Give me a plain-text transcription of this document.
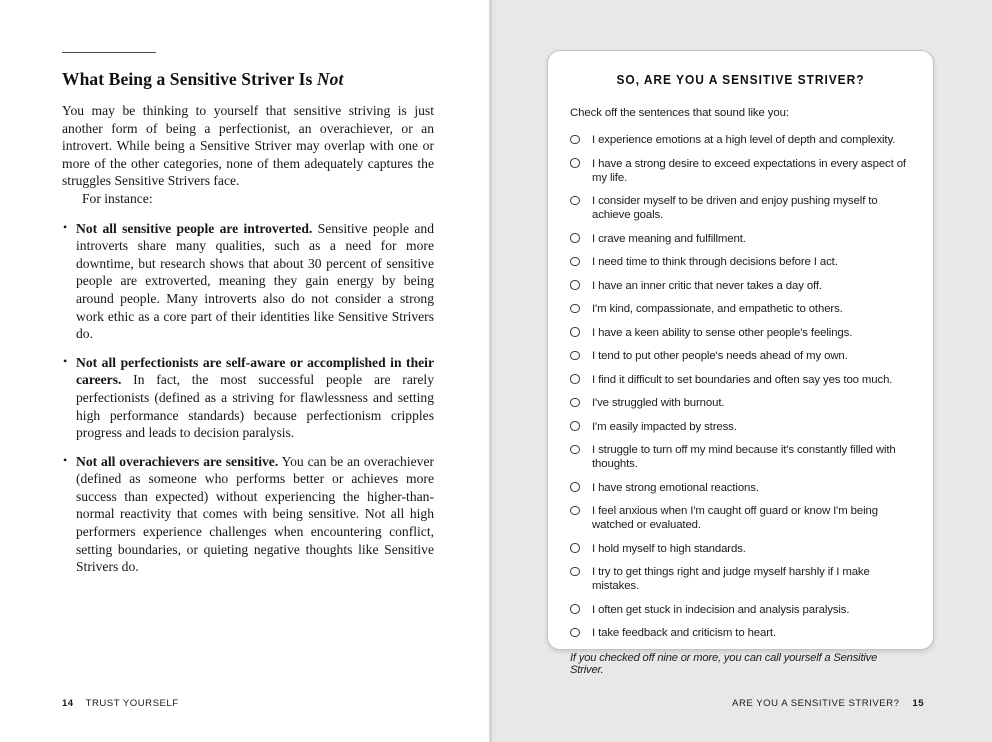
What Being a Sensitive Striver Is Not

You may be thinking to yourself that sensitive striving is just another form of being a perfectionist, an overachiever, or an introvert. While being a Sensitive Striver may overlap with one or more of the other categories, none of them adequately captures the struggles Sensitive Strivers face.

For instance:

• Not all sensitive people are introverted. Sensitive people and introverts share many qualities, such as a need for more downtime, but research shows that about 30 percent of sensitive people are extroverted, meaning they gain energy by being around people. Many introverts also do not consider a strong work ethic as a core part of their identities like Sensitive Strivers do.
• Not all perfectionists are self-aware or accomplished in their careers. In fact, the most successful people are rarely perfectionists (defined as a striving for flawlessness and setting high performance standards) because perfectionism cripples progress and leads to decision paralysis.
• Not all overachievers are sensitive. You can be an overachiever (defined as someone who performs better or achieves more success than expected) without experiencing the higher-than-normal reactivity that comes with being sensitive. Not all high performers experience challenges when encountering conflict, setting boundaries, or quieting negative thoughts like Sensitive Strivers do.
14 TRUST YOURSELF
SO, ARE YOU A SENSITIVE STRIVER?
Check off the sentences that sound like you:
I experience emotions at a high level of depth and complexity.
I have a strong desire to exceed expectations in every aspect of my life.
I consider myself to be driven and enjoy pushing myself to achieve goals.
I crave meaning and fulfillment.
I need time to think through decisions before I act.
I have an inner critic that never takes a day off.
I'm kind, compassionate, and empathetic to others.
I have a keen ability to sense other people's feelings.
I tend to put other people's needs ahead of my own.
I find it difficult to set boundaries and often say yes too much.
I've struggled with burnout.
I'm easily impacted by stress.
I struggle to turn off my mind because it's constantly filled with thoughts.
I have strong emotional reactions.
I feel anxious when I'm caught off guard or know I'm being watched or evaluated.
I hold myself to high standards.
I try to get things right and judge myself harshly if I make mistakes.
I often get stuck in indecision and analysis paralysis.
I take feedback and criticism to heart.
If you checked off nine or more, you can call yourself a Sensitive Striver.
ARE YOU A SENSITIVE STRIVER? 15
